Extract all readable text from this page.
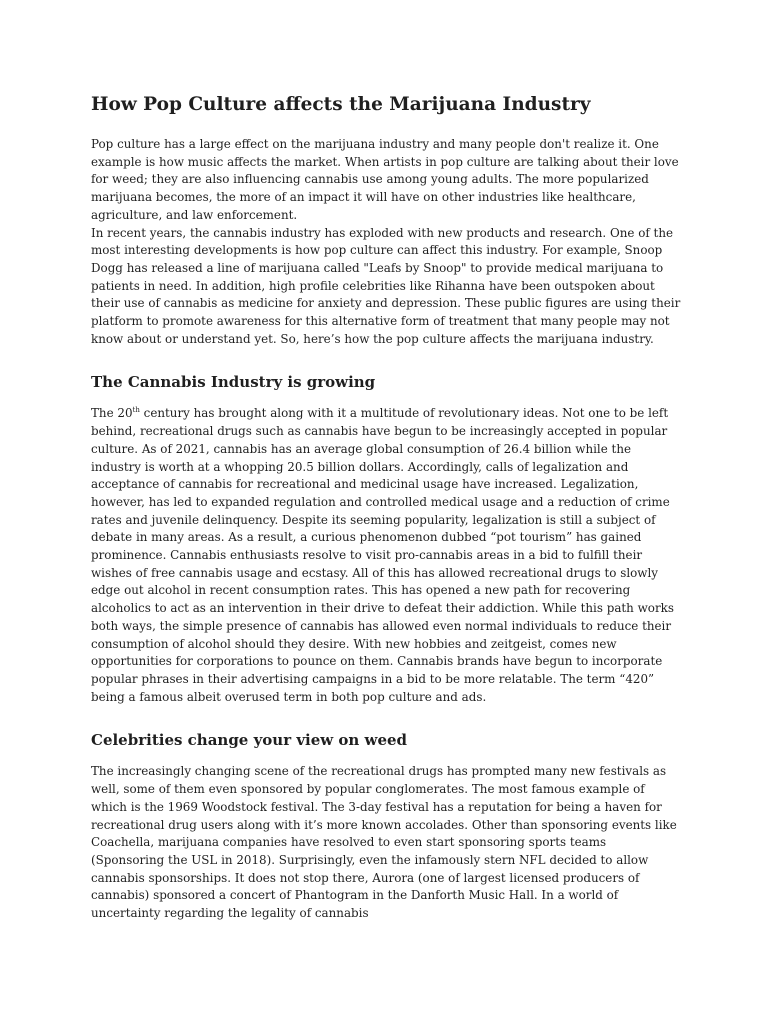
How Pop Culture affects the Marijuana Industry

Pop culture has a large effect on the marijuana industry and many people don't realize it. One example is how music affects the market. When artists in pop culture are talking about their love for weed; they are also influencing cannabis use among young adults. The more popularized marijuana becomes, the more of an impact it will have on other industries like healthcare, agriculture, and law enforcement.

In recent years, the cannabis industry has exploded with new products and research. One of the most interesting developments is how pop culture can affect this industry. For example, Snoop Dogg has released a line of marijuana called "Leafs by Snoop" to provide medical marijuana to patients in need. In addition, high profile celebrities like Rihanna have been outspoken about their use of cannabis as medicine for anxiety and depression. These public figures are using their platform to promote awareness for this alternative form of treatment that many people may not know about or understand yet. So, here’s how the pop culture affects the marijuana industry.

The Cannabis Industry is growing

The 20th century has brought along with it a multitude of revolutionary ideas. Not one to be left behind, recreational drugs such as cannabis have begun to be increasingly accepted in popular culture. As of 2021, cannabis has an average global consumption of 26.4 billion while the industry is worth at a whopping 20.5 billion dollars. Accordingly, calls of legalization and acceptance of cannabis for recreational and medicinal usage have increased. Legalization, however, has led to expanded regulation and controlled medical usage and a reduction of crime rates and juvenile delinquency. Despite its seeming popularity, legalization is still a subject of debate in many areas. As a result, a curious phenomenon dubbed “pot tourism” has gained prominence. Cannabis enthusiasts resolve to visit pro-cannabis areas in a bid to fulfill their wishes of free cannabis usage and ecstasy. All of this has allowed recreational drugs to slowly edge out alcohol in recent consumption rates. This has opened a new path for recovering alcoholics to act as an intervention in their drive to defeat their addiction. While this path works both ways, the simple presence of cannabis has allowed even normal individuals to reduce their consumption of alcohol should they desire. With new hobbies and zeitgeist, comes new opportunities for corporations to pounce on them. Cannabis brands have begun to incorporate popular phrases in their advertising campaigns in a bid to be more relatable. The term “420” being a famous albeit overused term in both pop culture and ads.

Celebrities change your view on weed

The increasingly changing scene of the recreational drugs has prompted many new festivals as well, some of them even sponsored by popular conglomerates. The most famous example of which is the 1969 Woodstock festival. The 3-day festival has a reputation for being a haven for recreational drug users along with it’s more known accolades. Other than sponsoring events like Coachella, marijuana companies have resolved to even start sponsoring sports teams (Sponsoring the USL in 2018). Surprisingly, even the infamously stern NFL decided to allow cannabis sponsorships. It does not stop there, Aurora (one of largest licensed producers of cannabis) sponsored a concert of Phantogram in the Danforth Music Hall. In a world of uncertainty regarding the legality of cannabis
